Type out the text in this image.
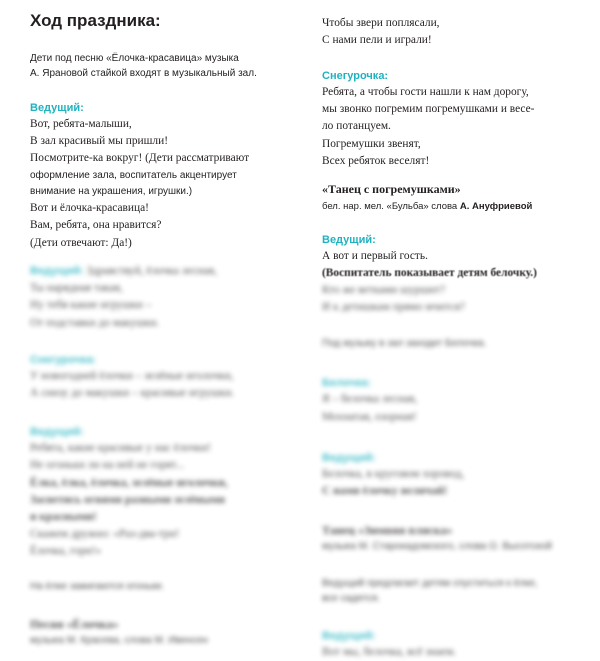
Ход праздника:
Дети под песню «Ёлочка-красавица» музыка
А. Ярановой стайкой входят в музыкальный зал.
Ведущий:
Вот, ребята-малыши,
В зал красивый мы пришли!
Посмотрите-ка вокруг! (Дети рассматривают
оформление зала, воспитатель акцентирует
внимание на украшения, игрушки.)
Вот и ёлочка-красавица!
Вам, ребята, она нравится?
(Дети отвечают: Да!)
Ведущий: Здравствуй, ёлочка лесная,
Ты нарядная такая,
Ну тебя какие игрушки –
От подставки до макушки.
Снегурочка:
У новогодней ёлочки – зелёные иголочки,
А снизу до макушки – красивые игрушки.
Ведущий:
Ребята, какие красивые у нас ёлочки!
Не огоньки ли на ней не горят...
Ёлка, ёлка, ёлочка, зелёные иголочки,
Засветись огнями разными зелёными
и красными!
Скажем дружно: «Раз-два-три!
Ёлочка, гори!»
На ёлке зажигаются огоньки.
Песня «Ёлочка»
музыка М. Красева, слова М. Ивенсен
Чтобы звери поплясали,
С нами пели и играли!
Снегурочка:
Ребята, а чтобы гости нашли к нам дорогу,
мы звонко погремим погремушками и весе-
ло потанцуем.
Погремушки звенят,
Всех ребяток веселят!
«Танец с погремушками»
бел. нар. мел. «Бульба» слова А. Ануфриевой
Ведущий:
А вот и первый гость.
(Воспитатель показывает детям белочку.)
Кто же ветками шуршит?
И к детишкам прямо мчится?
Под музыку в зал заходит Белочка.
Белочка:
Я – белочка лесная,
Мохнатая, озорная!
Ведущий:
Белочка, в круговом хоровод,
С нами ёлочку величай!
Танец «Зимняя пляска»
музыка М. Старокадомского, слова О. Высотской
Ведущий предлагает детям спуститься к ёлке,
все садятся.
Ведущий:
Вот мы, белочка, всё знаем.
